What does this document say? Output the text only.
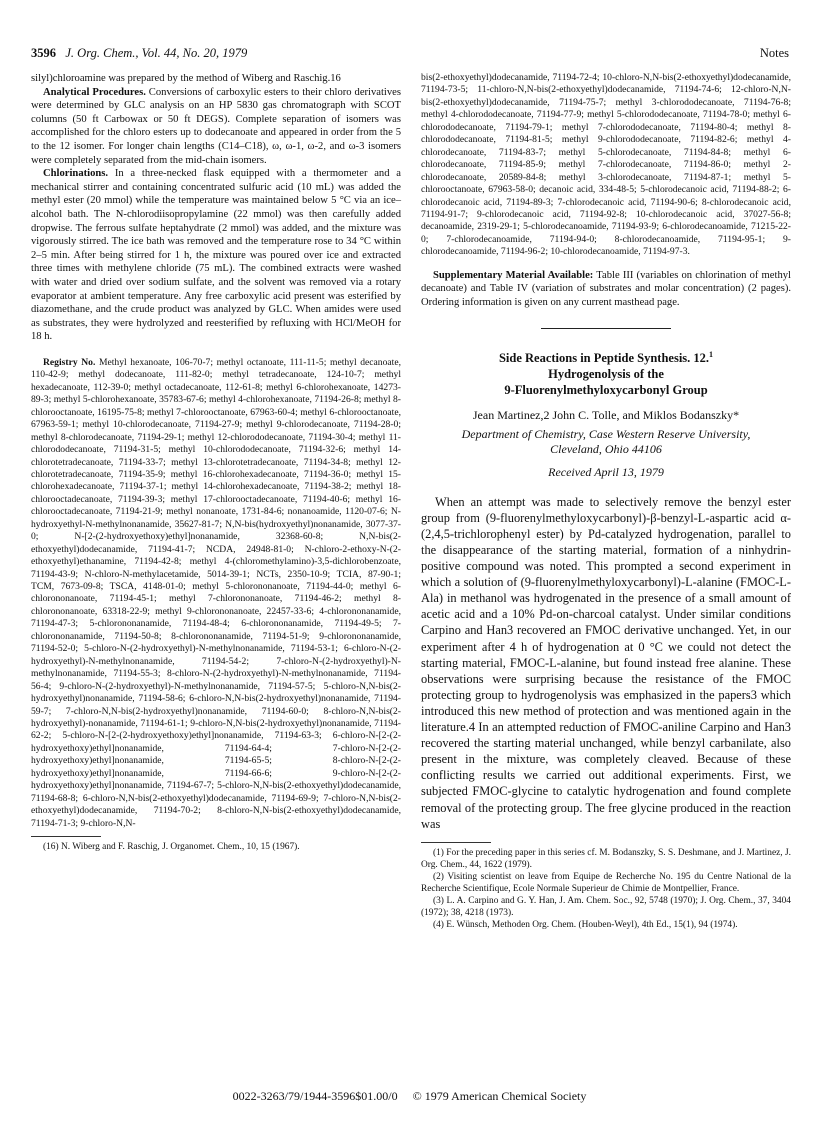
3596 J. Org. Chem., Vol. 44, No. 20, 1979	Notes

silyl)chloroamine was prepared by the method of Wiberg and Raschig.16

Analytical Procedures. Conversions of carboxylic esters to their chloro derivatives were determined by GLC analysis on an HP 5830 gas chromatograph with SCOT columns (50 ft Carbowax or 50 ft DEGS). Complete separation of isomers was accomplished for the chloro esters up to dodecanoate and appeared in order from the 5 to the 12 isomer. For longer chain lengths (C14–C18), ω, ω-1, ω-2, and ω-3 isomers were completely separated from the mid-chain isomers.

Chlorinations. In a three-necked flask equipped with a thermometer and a mechanical stirrer and containing concentrated sulfuric acid (10 mL) was added the methyl ester (20 mmol) while the temperature was maintained below 5 °C via an ice–alcohol bath. The N-chlorodiisopropylamine (22 mmol) was then carefully added dropwise. The ferrous sulfate heptahydrate (2 mmol) was added, and the mixture was vigorously stirred. The ice bath was removed and the temperature rose to 34 °C within 2–5 min. After being stirred for 1 h, the mixture was poured over ice and extracted three times with methylene chloride (75 mL). The combined extracts were washed with water and dried over sodium sulfate, and the solvent was removed via a rotary evaporator at ambient temperature. Any free carboxylic acid present was esterified by diazomethane, and the crude product was analyzed by GLC. When amides were used as substrates, they were hydrolyzed and reesterified by refluxing with HCl/MeOH for 18 h.

Registry No. Methyl hexanoate, 106-70-7; methyl octanoate, 111-11-5; methyl decanoate, 110-42-9; methyl dodecanoate, 111-82-0; methyl tetradecanoate, 124-10-7; methyl hexadecanoate, 112-39-0; methyl octadecanoate, 112-61-8; methyl 6-chlorohexanoate, 14273-89-3; methyl 5-chlorohexanoate, 35783-67-6; methyl 4-chlorohexanoate, 71194-26-8; methyl 8-chlorooctanoate, 16195-75-8; methyl 7-chlorooctanoate, 67963-60-4; methyl 6-chlorooctanoate, 67963-59-1; methyl 10-chlorodecanoate, 71194-27-9; methyl 9-chlorodecanoate, 71194-28-0; methyl 8-chlorodecanoate, 71194-29-1; methyl 12-chlorododecanoate, 71194-30-4; methyl 11-chlorododecanoate, 71194-31-5; methyl 10-chlorododecanoate, 71194-32-6; methyl 14-chlorotetradecanoate, 71194-33-7; methyl 13-chlorotetradecanoate, 71194-34-8; methyl 12-chlorotetradecanoate, 71194-35-9; methyl 16-chlorohexadecanoate, 71194-36-0; methyl 15-chlorohexadecanoate, 71194-37-1; methyl 14-chlorohexadecanoate, 71194-38-2; methyl 18-chlorooctadecanoate, 71194-39-3; methyl 17-chlorooctadecanoate, 71194-40-6; methyl 16-chlorooctadecanoate, 71194-21-9; methyl nonanoate, 1731-84-6; nonanoamide, 1120-07-6; N-hydroxyethyl-N-methylnonanamide, 35627-81-7; N,N-bis(hydroxyethyl)nonanamide, 3077-37-0; N-[2-(2-hydroxyethoxy)ethyl]nonanamide, 32368-60-8; N,N-bis(2-ethoxyethyl)dodecanamide, 71194-41-7; NCDA, 24948-81-0; N-chloro-2-ethoxy-N-(2-ethoxyethyl)ethanamine, 71194-42-8; methyl 4-(chloromethylamino)-3,5-dichlorobenzoate, 71194-43-9; N-chloro-N-methylacetamide, 5014-39-1; NCTs, 2350-10-9; TCIA, 87-90-1; TCM, 7673-09-8; TSCA, 4148-01-0; methyl 5-chlorononanoate, 71194-44-0; methyl 6-chlorononanoate, 71194-45-1; methyl 7-chlorononanoate, 71194-46-2; methyl 8-chlorononanoate, 63318-22-9; methyl 9-chlorononanoate, 22457-33-6; 4-chlorononanamide, 71194-47-3; 5-chlorononanamide, 71194-48-4; 6-chlorononanamide, 71194-49-5; 7-chlorononanamide, 71194-50-8; 8-chlorononanamide, 71194-51-9; 9-chlorononanamide, 71194-52-0; 5-chloro-N-(2-hydroxyethyl)-N-methylnonanamide, 71194-53-1; 6-chloro-N-(2-hydroxyethyl)-N-methylnonanamide, 71194-54-2; 7-chloro-N-(2-hydroxyethyl)-N-methylnonanamide, 71194-55-3; 8-chloro-N-(2-hydroxyethyl)-N-methylnonanamide, 71194-56-4; 9-chloro-N-(2-hydroxyethyl)-N-methylnonanamide, 71194-57-5; 5-chloro-N,N-bis(2-hydroxyethyl)nonanamide, 71194-58-6; 6-chloro-N,N-bis(2-hydroxyethyl)nonanamide, 71194-59-7; 7-chloro-N,N-bis(2-hydroxyethyl)nonanamide, 71194-60-0; 8-chloro-N,N-bis(2-hydroxyethyl)-nonanamide, 71194-61-1; 9-chloro-N,N-bis(2-hydroxyethyl)nonanamide, 71194-62-2; 5-chloro-N-[2-(2-hydroxyethoxy)ethyl]nonanamide, 71194-63-3; 6-chloro-N-[2-(2-hydroxyethoxy)ethyl]nonanamide, 71194-64-4; 7-chloro-N-[2-(2-hydroxyethoxy)ethyl]nonanamide, 71194-65-5; 8-chloro-N-[2-(2-hydroxyethoxy)ethyl]nonanamide, 71194-66-6; 9-chloro-N-[2-(2-hydroxyethoxy)ethyl]nonanamide, 71194-67-7; 5-chloro-N,N-bis(2-ethoxyethyl)dodecanamide, 71194-68-8; 6-chloro-N,N-bis(2-ethoxyethyl)dodecanamide, 71194-69-9; 7-chloro-N,N-bis(2-ethoxyethyl)dodecanamide, 71194-70-2; 8-chloro-N,N-bis(2-ethoxyethyl)dodecanamide, 71194-71-3; 9-chloro-N,N-

(16) N. Wiberg and F. Raschig, J. Organomet. Chem., 10, 15 (1967).

bis(2-ethoxyethyl)dodecanamide, 71194-72-4; 10-chloro-N,N-bis(2-ethoxyethyl)dodecanamide, 71194-73-5; 11-chloro-N,N-bis(2-ethoxyethyl)dodecanamide, 71194-74-6; 12-chloro-N,N-bis(2-ethoxyethyl)dodecanamide, 71194-75-7; methyl 3-chlorododecanoate, 71194-76-8; methyl 4-chlorododecanoate, 71194-77-9; methyl 5-chlorododecanoate, 71194-78-0; methyl 6-chlorododecanoate, 71194-79-1; methyl 7-chlorododecanoate, 71194-80-4; methyl 8-chlorododecanoate, 71194-81-5; methyl 9-chlorododecanoate, 71194-82-6; methyl 4-chlorodecanoate, 71194-83-7; methyl 5-chlorodecanoate, 71194-84-8; methyl 6-chlorodecanoate, 71194-85-9; methyl 7-chlorodecanoate, 71194-86-0; methyl 2-chlorodecanoate, 20589-84-8; methyl 3-chlorodecanoate, 71194-87-1; methyl 5-chlorooctanoate, 67963-58-0; decanoic acid, 334-48-5; 5-chlorodecanoic acid, 71194-88-2; 6-chlorodecanoic acid, 71194-89-3; 7-chlorodecanoic acid, 71194-90-6; 8-chlorodecanoic acid, 71194-91-7; 9-chlorodecanoic acid, 71194-92-8; 10-chlorodecanoic acid, 37027-56-8; decanoamide, 2319-29-1; 5-chlorodecanoamide, 71194-93-9; 6-chlorodecanoamide, 71215-22-0; 7-chlorodecanoamide, 71194-94-0; 8-chlorodecanoamide, 71194-95-1; 9-chlorodecanoamide, 71194-96-2; 10-chlorodecanoamide, 71194-97-3.

Supplementary Material Available: Table III (variables on chlorination of methyl decanoate) and Table IV (variation of substrates and molar concentration) (2 pages). Ordering information is given on any current masthead page.

Side Reactions in Peptide Synthesis. 12.$^1$
Hydrogenolysis of the
9-Fluorenylmethyloxycarbonyl Group

Jean Martinez,2 John C. Tolle, and Miklos Bodanszky*

Department of Chemistry, Case Western Reserve University,
Cleveland, Ohio 44106

Received April 13, 1979

When an attempt was made to selectively remove the benzyl ester group from (9-fluorenylmethyloxycarbonyl)-β-benzyl-L-aspartic acid α-(2,4,5-trichlorophenyl ester) by Pd-catalyzed hydrogenation, parallel to the disappearance of the starting material, formation of a ninhydrin-positive compound was noted. This prompted a second experiment in which a solution of (9-fluorenylmethyloxycarbonyl)-L-alanine (FMOC-L-Ala) in methanol was hydrogenated in the presence of a small amount of acetic acid and a 10% Pd-on-charcoal catalyst. Under similar conditions Carpino and Han3 recovered an FMOC derivative unchanged. Yet, in our experiment after 4 h of hydrogenation at 0 °C we could not detect the starting material, FMOC-L-alanine, but found instead free alanine. These observations were surprising because the resistance of the FMOC protecting group to hydrogenolysis was emphasized in the papers3 which introduced this new method of protection and was mentioned again in the literature.4 In an attempted reduction of FMOC-aniline Carpino and Han3 recovered the starting material unchanged, while benzyl carbanilate, also present in the mixture, was completely cleaved. Because of these conflicting results we carried out additional experiments. First, we subjected FMOC-glycine to catalytic hydrogenation and found complete removal of the protecting group. The free glycine produced in the reaction was

(1) For the preceding paper in this series cf. M. Bodanszky, S. S. Deshmane, and J. Martinez, J. Org. Chem., 44, 1622 (1979).

(2) Visiting scientist on leave from Equipe de Recherche No. 195 du Centre National de la Recherche Scientifique, Ecole Normale Superieur de Chimie de Montpellier, France.

(3) L. A. Carpino and G. Y. Han, J. Am. Chem. Soc., 92, 5748 (1970); J. Org. Chem., 37, 3404 (1972); 38, 4218 (1973).

(4) E. Wünsch, Methoden Org. Chem. (Houben-Weyl), 4th Ed., 15(1), 94 (1974).

0022-3263/79/1944-3596$01.00/0 © 1979 American Chemical Society
